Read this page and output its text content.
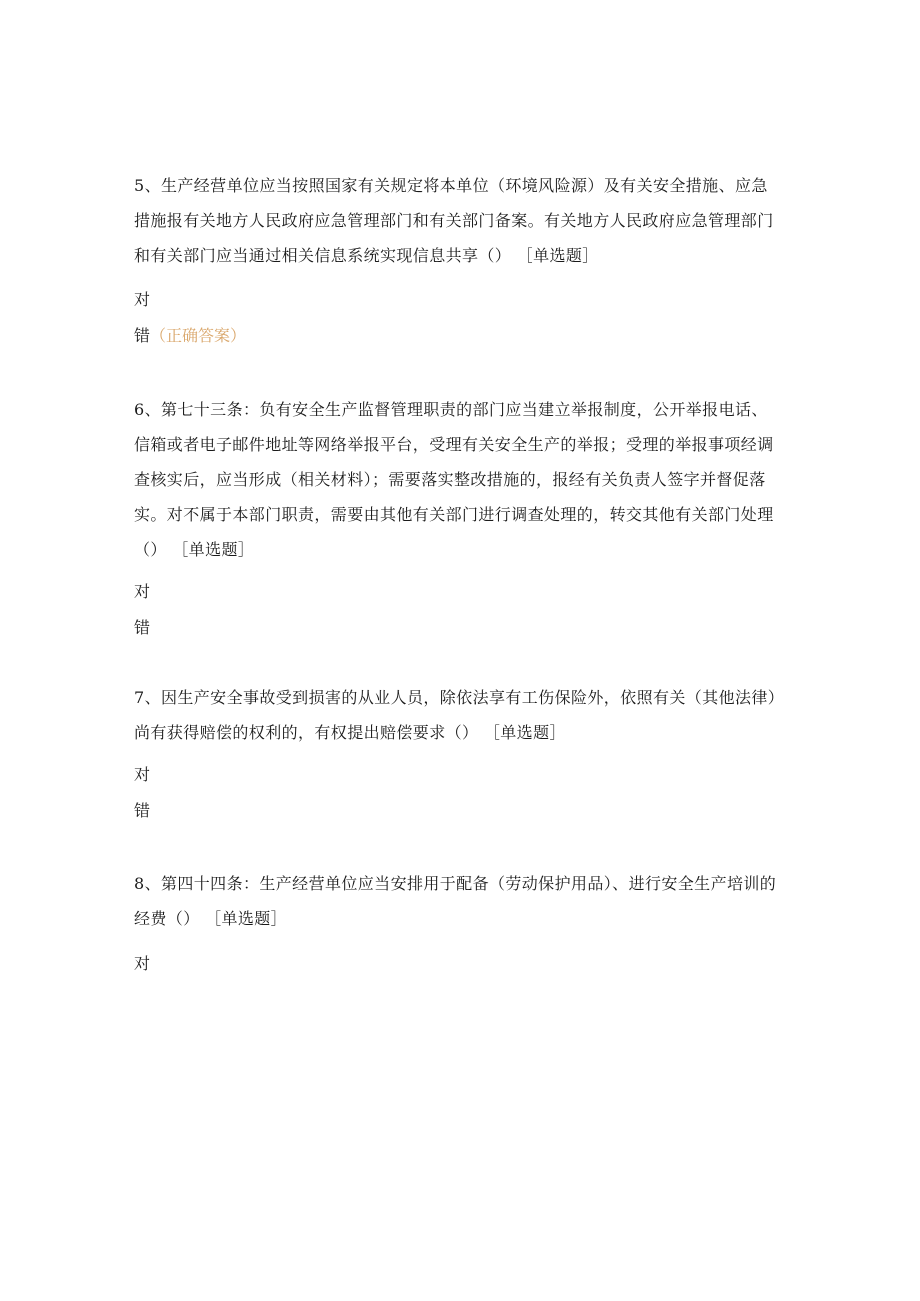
5、生产经营单位应当按照国家有关规定将本单位（环境风险源）及有关安全措施、应急措施报有关地方人民政府应急管理部门和有关部门备案。有关地方人民政府应急管理部门和有关部门应当通过相关信息系统实现信息共享（） ［单选题］

对
错（正确答案）

6、第七十三条：负有安全生产监督管理职责的部门应当建立举报制度，公开举报电话、信箱或者电子邮件地址等网络举报平台，受理有关安全生产的举报；受理的举报事项经调查核实后，应当形成（相关材料）；需要落实整改措施的，报经有关负责人签字并督促落实。对不属于本部门职责，需要由其他有关部门进行调查处理的，转交其他有关部门处理（） ［单选题］

对
错

7、因生产安全事故受到损害的从业人员，除依法享有工伤保险外，依照有关（其他法律）尚有获得赔偿的权利的，有权提出赔偿要求（） ［单选题］

对
错

8、第四十四条：生产经营单位应当安排用于配备（劳动保护用品）、进行安全生产培训的经费（） ［单选题］

对
